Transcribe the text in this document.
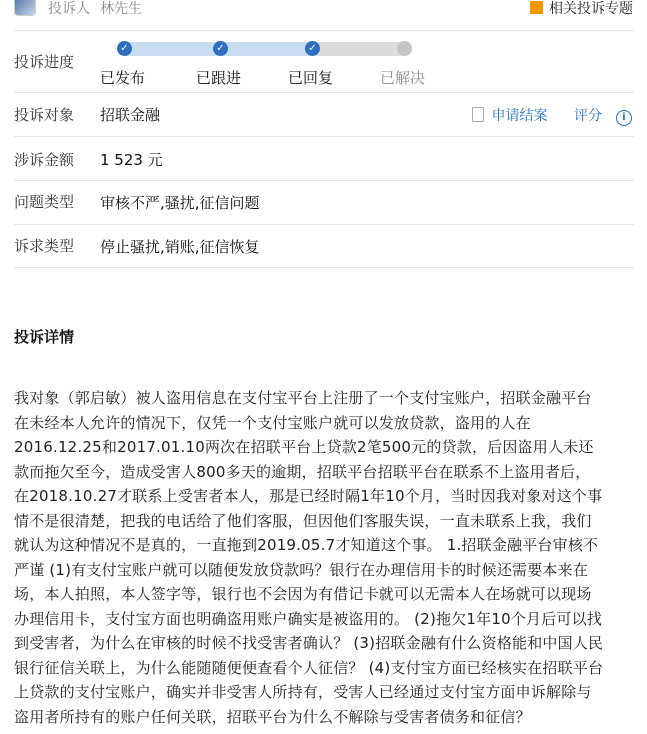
投诉人 林先生	相关投诉专题
投诉进度
✓	✓	✓
已发布	已跟进	已回复	已解决
投诉对象 招联金融	申请结案 评分 i
涉诉金额 1 523 元
问题类型 审核不严,骚扰,征信问题
诉求类型 停止骚扰,销账,征信恢复
投诉详情
我对象（郭启敏）被人盗用信息在支付宝平台上注册了一个支付宝账户，招联金融平台
在未经本人允许的情况下，仅凭一个支付宝账户就可以发放贷款，盗用的人在
2016.12.25和2017.01.10两次在招联平台上贷款2笔500元的贷款，后因盗用人未还
款而拖欠至今，造成受害人800多天的逾期，招联平台招联平台在联系不上盗用者后，
在2018.10.27才联系上受害者本人，那是已经时隔1年10个月，当时因我对象对这个事
情不是很清楚，把我的电话给了他们客服，但因他们客服失误，一直未联系上我，我们
就认为这种情况不是真的，一直拖到2019.05.7才知道这个事。 1.招联金融平台审核不
严谨 (1)有支付宝账户就可以随便发放贷款吗？银行在办理信用卡的时候还需要本来在
场，本人拍照，本人签字等，银行也不会因为有借记卡就可以无需本人在场就可以现场
办理信用卡，支付宝方面也明确盗用账户确实是被盗用的。 (2)拖欠1年10个月后可以找
到受害者，为什么在审核的时候不找受害者确认？ (3)招联金融有什么资格能和中国人民
银行征信关联上，为什么能随随便便查看个人征信？ (4)支付宝方面已经核实在招联平台
上贷款的支付宝账户，确实并非受害人所持有，受害人已经通过支付宝方面申诉解除与
盗用者所持有的账户任何关联，招联平台为什么不解除与受害者债务和征信？
